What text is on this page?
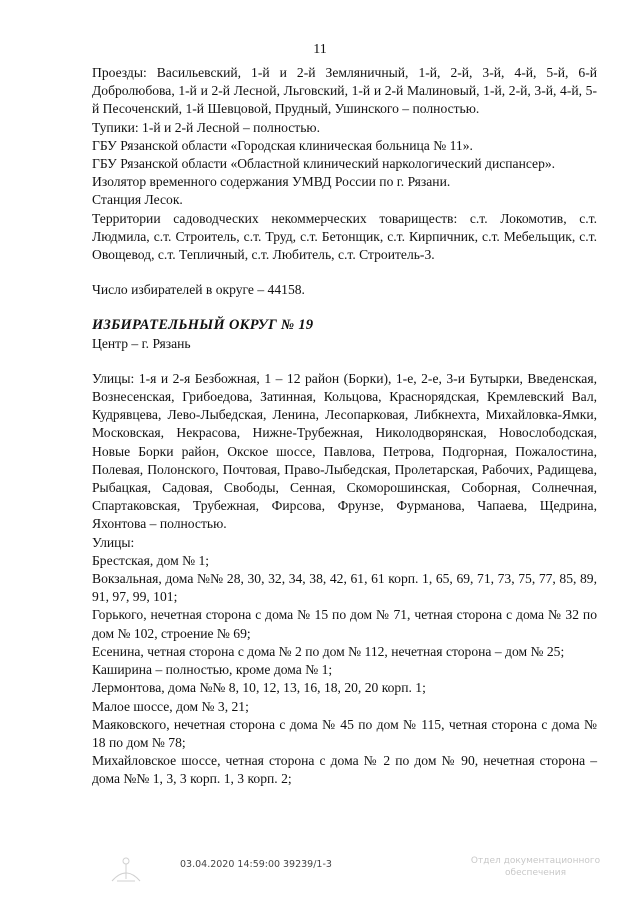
11

Проезды: Васильевский, 1-й и 2-й Земляничный, 1-й, 2-й, 3-й, 4-й, 5-й, 6-й Добролюбова, 1-й и 2-й Лесной, Льговский, 1-й и 2-й Малиновый, 1-й, 2-й, 3-й, 4-й, 5-й Песоченский, 1-й Шевцовой, Прудный, Ушинского – полностью.

Тупики: 1-й и 2-й Лесной – полностью.

ГБУ Рязанской области «Городская клиническая больница № 11».

ГБУ Рязанской области «Областной клинический наркологический диспансер».

Изолятор временного содержания УМВД России по г. Рязани.

Станция Лесок.

Территории садоводческих некоммерческих товариществ: с.т. Локомотив, с.т. Людмила, с.т. Строитель, с.т. Труд, с.т. Бетонщик, с.т. Кирпичник, с.т. Мебельщик, с.т. Овощевод, с.т. Тепличный, с.т. Любитель, с.т. Строитель-3.

Число избирателей в округе – 44158.

ИЗБИРАТЕЛЬНЫЙ ОКРУГ № 19

Центр – г. Рязань

Улицы: 1-я и 2-я Безбожная, 1 – 12 район (Борки), 1-е, 2-е, 3-и Бутырки, Введенская, Вознесенская, Грибоедова, Затинная, Кольцова, Краснорядская, Кремлевский Вал, Кудрявцева, Лево-Лыбедская, Ленина, Лесопарковая, Либкнехта, Михайловка-Ямки, Московская, Некрасова, Нижне-Трубежная, Николодворянская, Новослободская, Новые Борки район, Окское шоссе, Павлова, Петрова, Подгорная, Пожалостина, Полевая, Полонского, Почтовая, Право-Лыбедская, Пролетарская, Рабочих, Радищева, Рыбацкая, Садовая, Свободы, Сенная, Скоморошинская, Соборная, Солнечная, Спартаковская, Трубежная, Фирсова, Фрунзе, Фурманова, Чапаева, Щедрина, Яхонтова – полностью.

Улицы:

Брестская, дом № 1;

Вокзальная, дома №№ 28, 30, 32, 34, 38, 42, 61, 61 корп. 1, 65, 69, 71, 73, 75, 77, 85, 89, 91, 97, 99, 101;

Горького, нечетная сторона с дома № 15 по дом № 71, четная сторона с дома № 32 по дом № 102, строение № 69;

Есенина, четная сторона с дома № 2 по дом № 112, нечетная сторона – дом № 25;

Каширина – полностью, кроме дома № 1;

Лермонтова, дома №№ 8, 10, 12, 13, 16, 18, 20, 20 корп. 1;

Малое шоссе, дом № 3, 21;

Маяковского, нечетная сторона с дома № 45 по дом № 115, четная сторона с дома № 18 по дом № 78;

Михайловское шоссе, четная сторона с дома № 2 по дом № 90, нечетная сторона – дома №№ 1, 3, 3 корп. 1, 3 корп. 2;

03.04.2020 14:59:00 39239/1-3	Отдел документационного
обеспечения
